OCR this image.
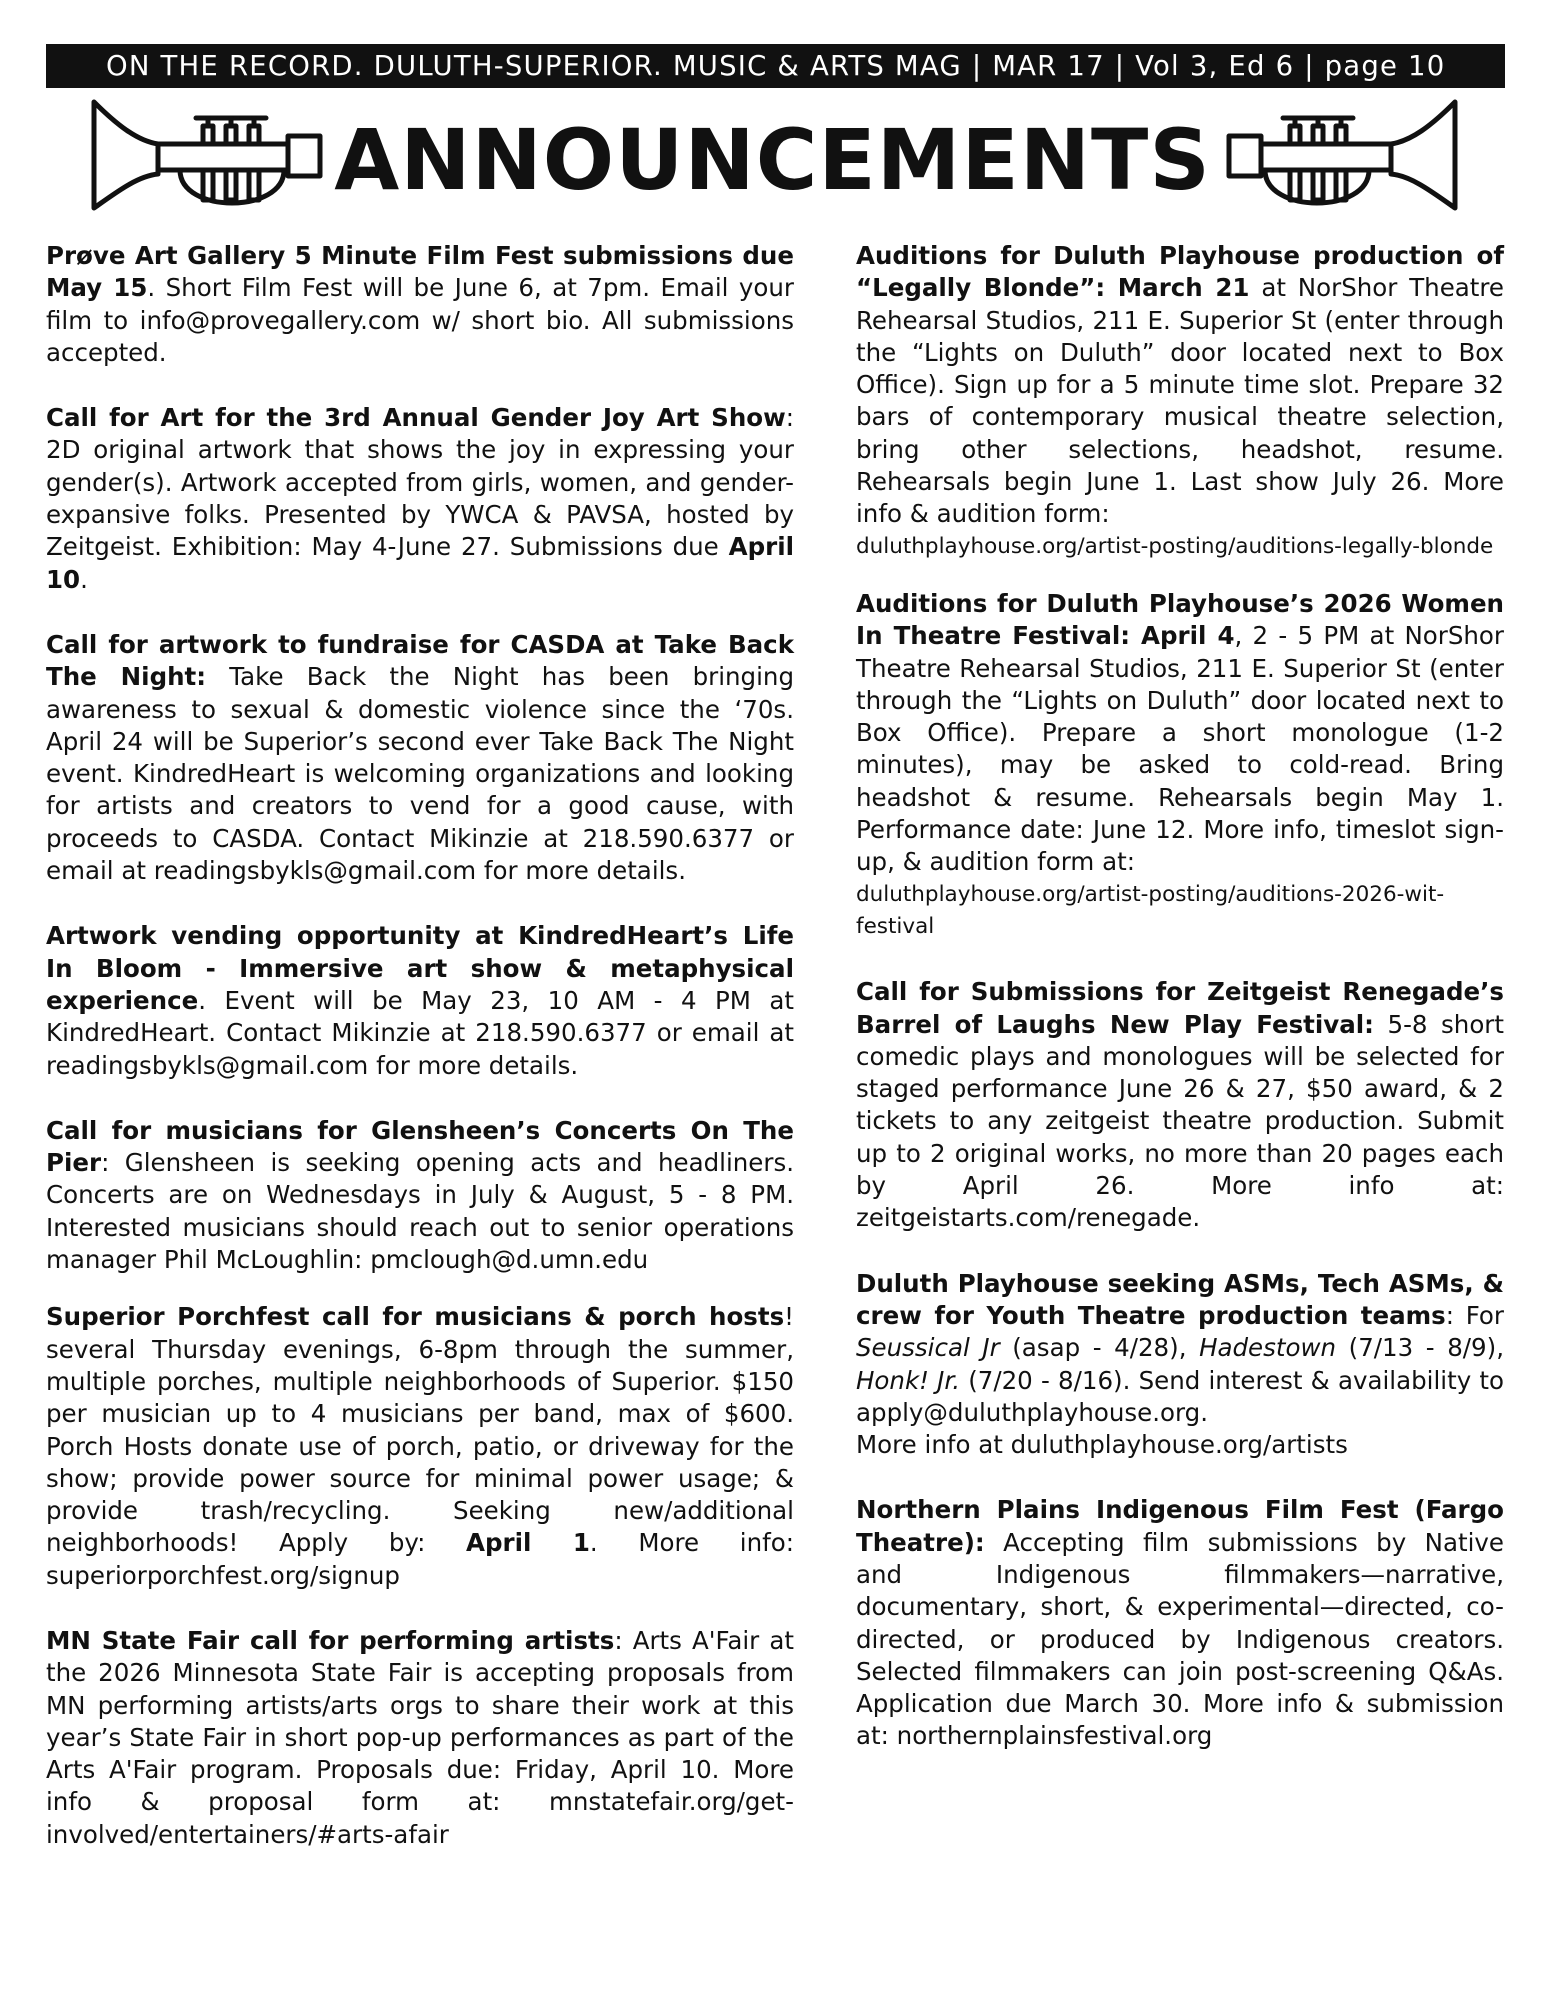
ON THE RECORD. DULUTH-SUPERIOR. MUSIC & ARTS MAG | MAR 17 | Vol 3, Ed 6 | page 10
ANNOUNCEMENTS

Prøve Art Gallery 5 Minute Film Fest submissions due May 15. Short Film Fest will be June 6, at 7pm. Email your film to info@provegallery.com w/ short bio. All submissions accepted.

Call for Art for the 3rd Annual Gender Joy Art Show: 2D original artwork that shows the joy in expressing your gender(s). Artwork accepted from girls, women, and gender-expansive folks. Presented by YWCA & PAVSA, hosted by Zeitgeist. Exhibition: May 4-June 27. Submissions due April 10.

Call for artwork to fundraise for CASDA at Take Back The Night: Take Back the Night has been bringing awareness to sexual & domestic violence since the ‘70s. April 24 will be Superior’s second ever Take Back The Night event. KindredHeart is welcoming organizations and looking for artists and creators to vend for a good cause, with proceeds to CASDA. Contact Mikinzie at 218.590.6377 or email at readingsbykls@gmail.com for more details.

Artwork vending opportunity at KindredHeart’s Life In Bloom - Immersive art show & metaphysical experience. Event will be May 23, 10 AM - 4 PM at KindredHeart. Contact Mikinzie at 218.590.6377 or email at readingsbykls@gmail.com for more details.

Call for musicians for Glensheen’s Concerts On The Pier: Glensheen is seeking opening acts and headliners. Concerts are on Wednesdays in July & August, 5 - 8 PM. Interested musicians should reach out to senior operations manager Phil McLoughlin: pmclough@d.umn.edu

Superior Porchfest call for musicians & porch hosts! several Thursday evenings, 6-8pm through the summer, multiple porches, multiple neighborhoods of Superior. $150 per musician up to 4 musicians per band, max of $600. Porch Hosts donate use of porch, patio, or driveway for the show; provide power source for minimal power usage; & provide trash/recycling. Seeking new/additional neighborhoods! Apply by: April 1. More info: superiorporchfest.org/signup

MN State Fair call for performing artists: Arts A'Fair at the 2026 Minnesota State Fair is accepting proposals from MN performing artists/arts orgs to share their work at this year’s State Fair in short pop-up performances as part of the Arts A'Fair program. Proposals due: Friday, April 10. More info & proposal form at: mnstatefair.org/get-involved/entertainers/#arts-afair

Auditions for Duluth Playhouse production of “Legally Blonde”: March 21 at NorShor Theatre Rehearsal Studios, 211 E. Superior St (enter through the “Lights on Duluth” door located next to Box Office). Sign up for a 5 minute time slot. Prepare 32 bars of contemporary musical theatre selection, bring other selections, headshot, resume. Rehearsals begin June 1. Last show July 26. More info & audition form:

duluthplayhouse.org/artist-posting/auditions-legally-blonde

Auditions for Duluth Playhouse’s 2026 Women In Theatre Festival: April 4, 2 - 5 PM at NorShor Theatre Rehearsal Studios, 211 E. Superior St (enter through the “Lights on Duluth” door located next to Box Office). Prepare a short monologue (1-2 minutes), may be asked to cold-read. Bring headshot & resume. Rehearsals begin May 1. Performance date: June 12. More info, timeslot sign-up, & audition form at:

duluthplayhouse.org/artist-posting/auditions-2026-wit-festival

Call for Submissions for Zeitgeist Renegade’s Barrel of Laughs New Play Festival: 5-8 short comedic plays and monologues will be selected for staged performance June 26 & 27, $50 award, & 2 tickets to any zeitgeist theatre production. Submit up to 2 original works, no more than 20 pages each by April 26. More info at: zeitgeistarts.com/renegade.

Duluth Playhouse seeking ASMs, Tech ASMs, & crew for Youth Theatre production teams: For Seussical Jr (asap - 4/28), Hadestown (7/13 - 8/9), Honk! Jr. (7/20 - 8/16). Send interest & availability to apply@duluthplayhouse.org.

More info at duluthplayhouse.org/artists

Northern Plains Indigenous Film Fest (Fargo Theatre): Accepting film submissions by Native and Indigenous filmmakers—narrative, documentary, short, & experimental—directed, co-directed, or produced by Indigenous creators. Selected filmmakers can join post-screening Q&As. Application due March 30. More info & submission at: northernplainsfestival.org
